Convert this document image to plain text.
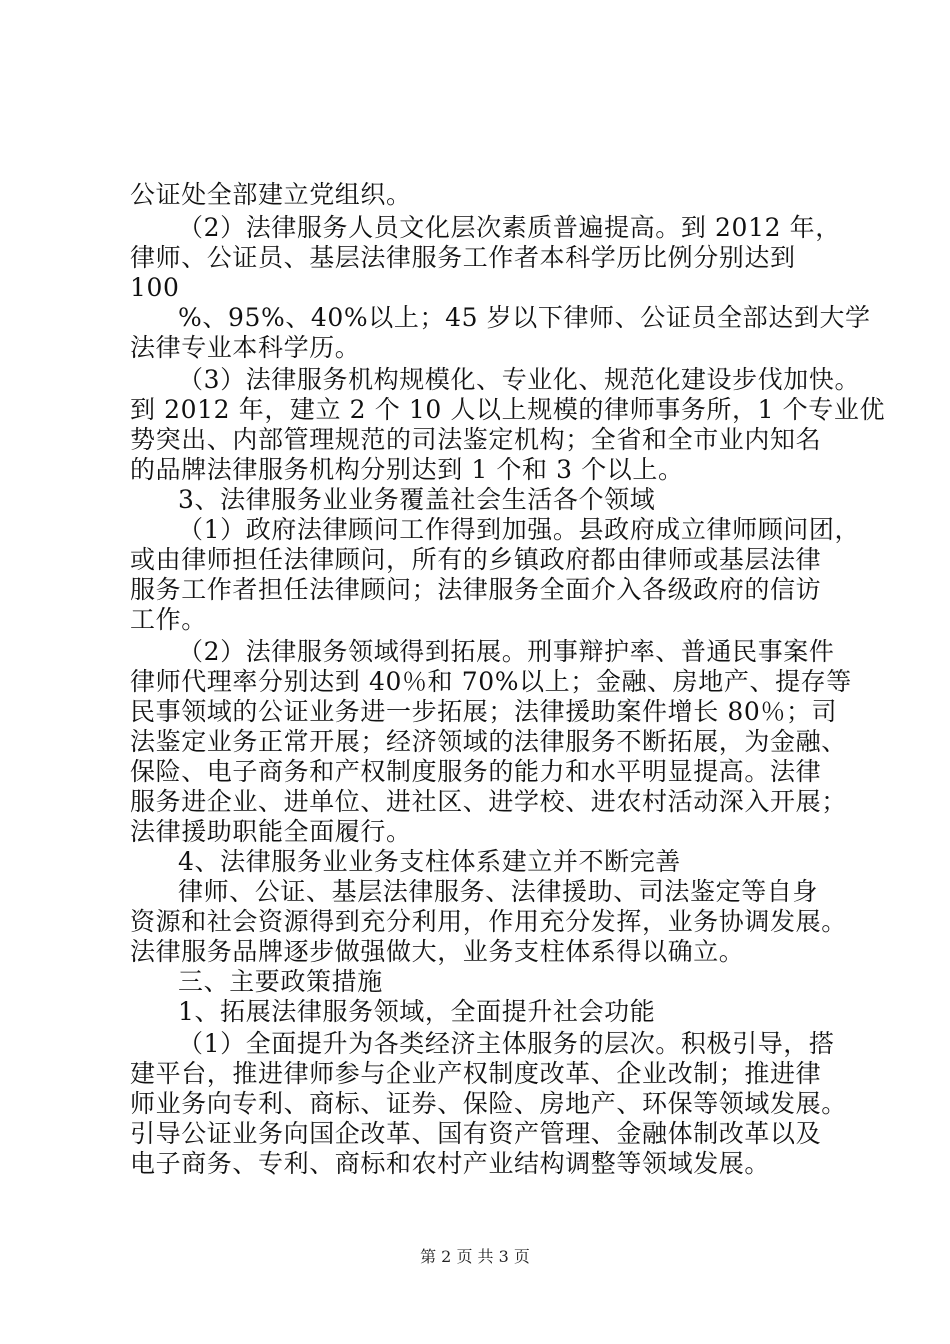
公证处全部建立党组织。
（2）法律服务人员文化层次素质普遍提高。到 2012 年，
律师、公证员、基层法律服务工作者本科学历比例分别达到
100
%、95%、40%以上；45 岁以下律师、公证员全部达到大学
法律专业本科学历。
（3）法律服务机构规模化、专业化、规范化建设步伐加快。
到 2012 年，建立 2 个 10 人以上规模的律师事务所，1 个专业优
势突出、内部管理规范的司法鉴定机构；全省和全市业内知名
的品牌法律服务机构分别达到 1 个和 3 个以上。
3、法律服务业业务覆盖社会生活各个领域
（1）政府法律顾问工作得到加强。县政府成立律师顾问团，
或由律师担任法律顾问，所有的乡镇政府都由律师或基层法律
服务工作者担任法律顾问；法律服务全面介入各级政府的信访
工作。
（2）法律服务领域得到拓展。刑事辩护率、普通民事案件
律师代理率分别达到 40％和 70%以上；金融、房地产、提存等
民事领域的公证业务进一步拓展；法律援助案件增长 80％；司
法鉴定业务正常开展；经济领域的法律服务不断拓展，为金融、
保险、电子商务和产权制度服务的能力和水平明显提高。法律
服务进企业、进单位、进社区、进学校、进农村活动深入开展；
法律援助职能全面履行。
4、法律服务业业务支柱体系建立并不断完善
律师、公证、基层法律服务、法律援助、司法鉴定等自身
资源和社会资源得到充分利用，作用充分发挥，业务协调发展。
法律服务品牌逐步做强做大，业务支柱体系得以确立。
三、主要政策措施
1、拓展法律服务领域，全面提升社会功能
（1）全面提升为各类经济主体服务的层次。积极引导，搭
建平台，推进律师参与企业产权制度改革、企业改制；推进律
师业务向专利、商标、证券、保险、房地产、环保等领域发展。
引导公证业务向国企改革、国有资产管理、金融体制改革以及
电子商务、专利、商标和农村产业结构调整等领域发展。
第 2 页 共 3 页
